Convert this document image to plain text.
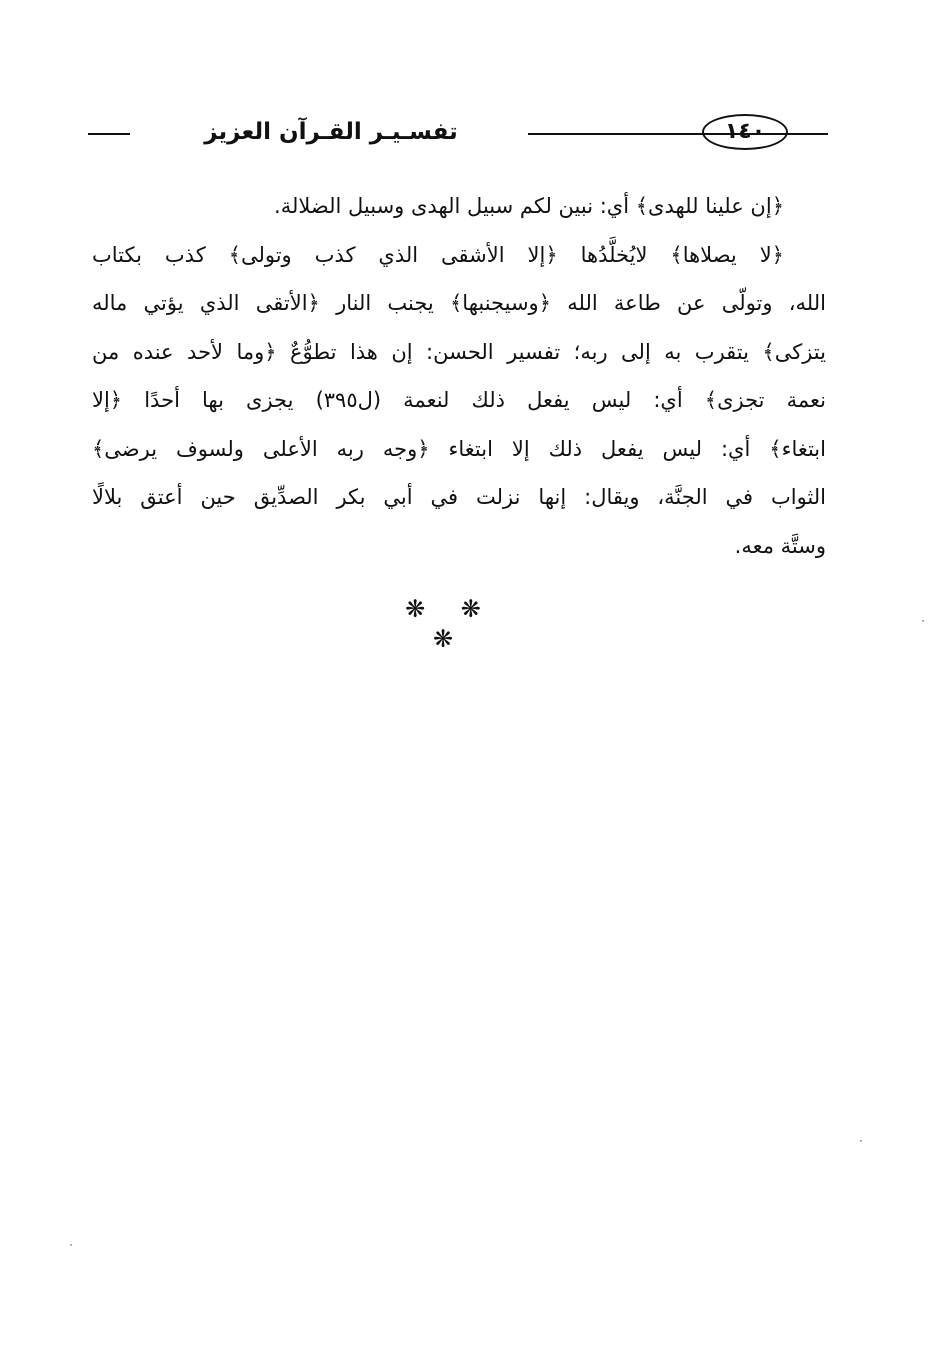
١٤٠
تفسـيـر القـرآن العزيز

﴿إن علينا للهدى﴾ أي: نبين لكم سبيل الهدى وسبيل الضلالة.

﴿لا يصلاها﴾ لايُخلَّدُها ﴿إلا الأشقى الذي كذب وتولى﴾ كذب بكتاب
الله، وتولّى عن طاعة الله ﴿وسيجنبها﴾ يجنب النار ﴿الأتقى الذي يؤتي ماله
يتزكى﴾ يتقرب به إلى ربه؛ تفسير الحسن: إن هذا تطوُّعٌ ﴿وما لأحد عنده من
نعمة تجزى﴾ أي: ليس يفعل ذلك لنعمة (ل٣٩٥) يجزى بها أحدًا ﴿إلا
ابتغاء﴾ أي: ليس يفعل ذلك إلا ابتغاء ﴿وجه ربه الأعلى ولسوف يرضى﴾
الثواب في الجنَّة، ويقال: إنها نزلت في أبي بكر الصدِّيق حين أعتق بلالًا
وستَّة معه.

❋ ❋ ❋
